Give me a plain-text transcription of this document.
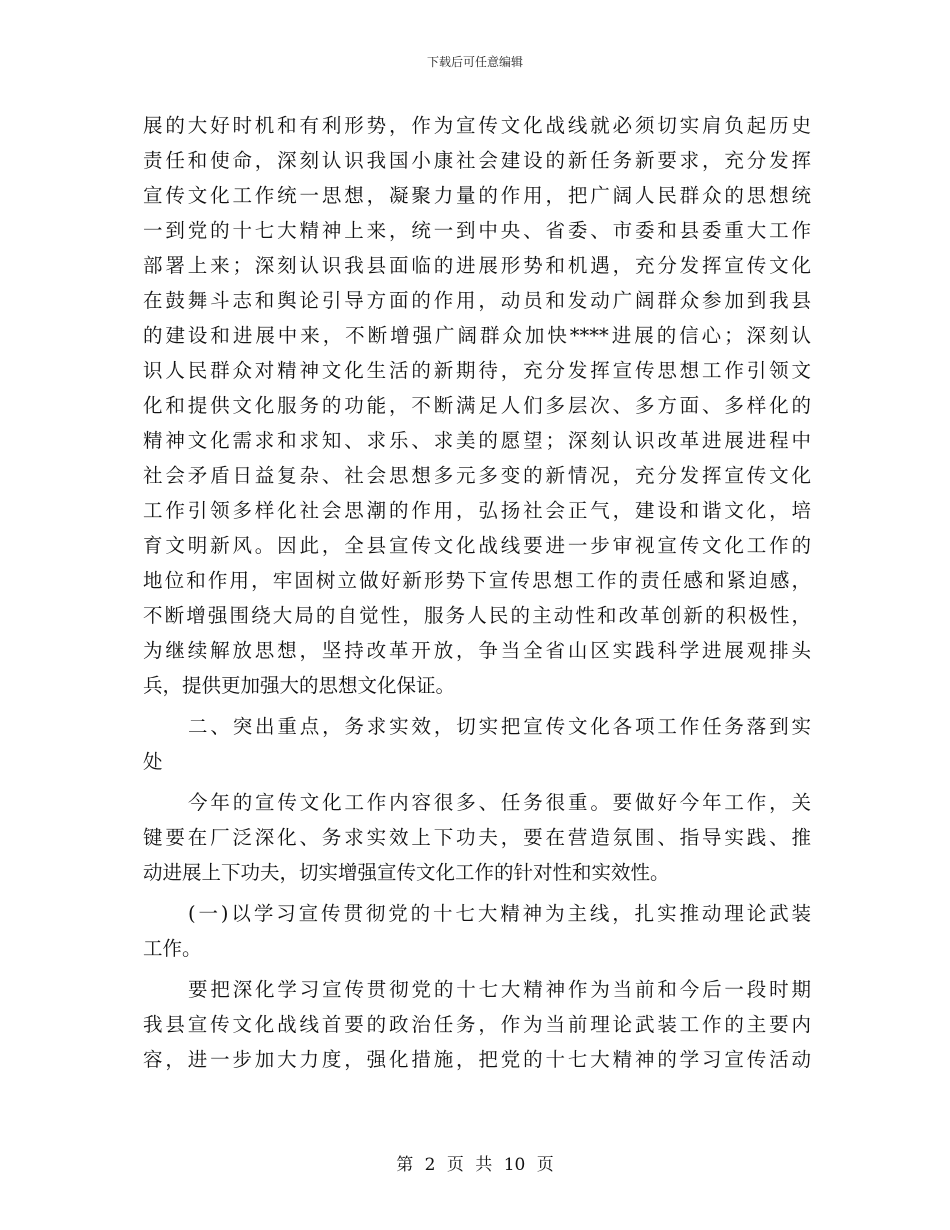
下载后可任意编辑
展的大好时机和有利形势，作为宣传文化战线就必须切实肩负起历史
责任和使命，深刻认识我国小康社会建设的新任务新要求，充分发挥
宣传文化工作统一思想，凝聚力量的作用，把广阔人民群众的思想统
一到党的十七大精神上来，统一到中央、省委、市委和县委重大工作
部署上来；深刻认识我县面临的进展形势和机遇，充分发挥宣传文化
在鼓舞斗志和舆论引导方面的作用，动员和发动广阔群众参加到我县
的建设和进展中来，不断增强广阔群众加快****进展的信心；深刻认
识人民群众对精神文化生活的新期待，充分发挥宣传思想工作引领文
化和提供文化服务的功能，不断满足人们多层次、多方面、多样化的
精神文化需求和求知、求乐、求美的愿望；深刻认识改革进展进程中
社会矛盾日益复杂、社会思想多元多变的新情况，充分发挥宣传文化
工作引领多样化社会思潮的作用，弘扬社会正气，建设和谐文化，培
育文明新风。因此，全县宣传文化战线要进一步审视宣传文化工作的
地位和作用，牢固树立做好新形势下宣传思想工作的责任感和紧迫感，
不断增强围绕大局的自觉性，服务人民的主动性和改革创新的积极性，
为继续解放思想，坚持改革开放，争当全省山区实践科学进展观排头
兵，提供更加强大的思想文化保证。
二、突出重点，务求实效，切实把宣传文化各项工作任务落到实
处
今年的宣传文化工作内容很多、任务很重。要做好今年工作，关
键要在厂泛深化、务求实效上下功夫，要在营造氛围、指导实践、推
动进展上下功夫，切实增强宣传文化工作的针对性和实效性。
(一)以学习宣传贯彻党的十七大精神为主线，扎实推动理论武装
工作。
要把深化学习宣传贯彻党的十七大精神作为当前和今后一段时期
我县宣传文化战线首要的政治任务，作为当前理论武装工作的主要内
容，进一步加大力度，强化措施，把党的十七大精神的学习宣传活动
第 2 页 共 10 页
